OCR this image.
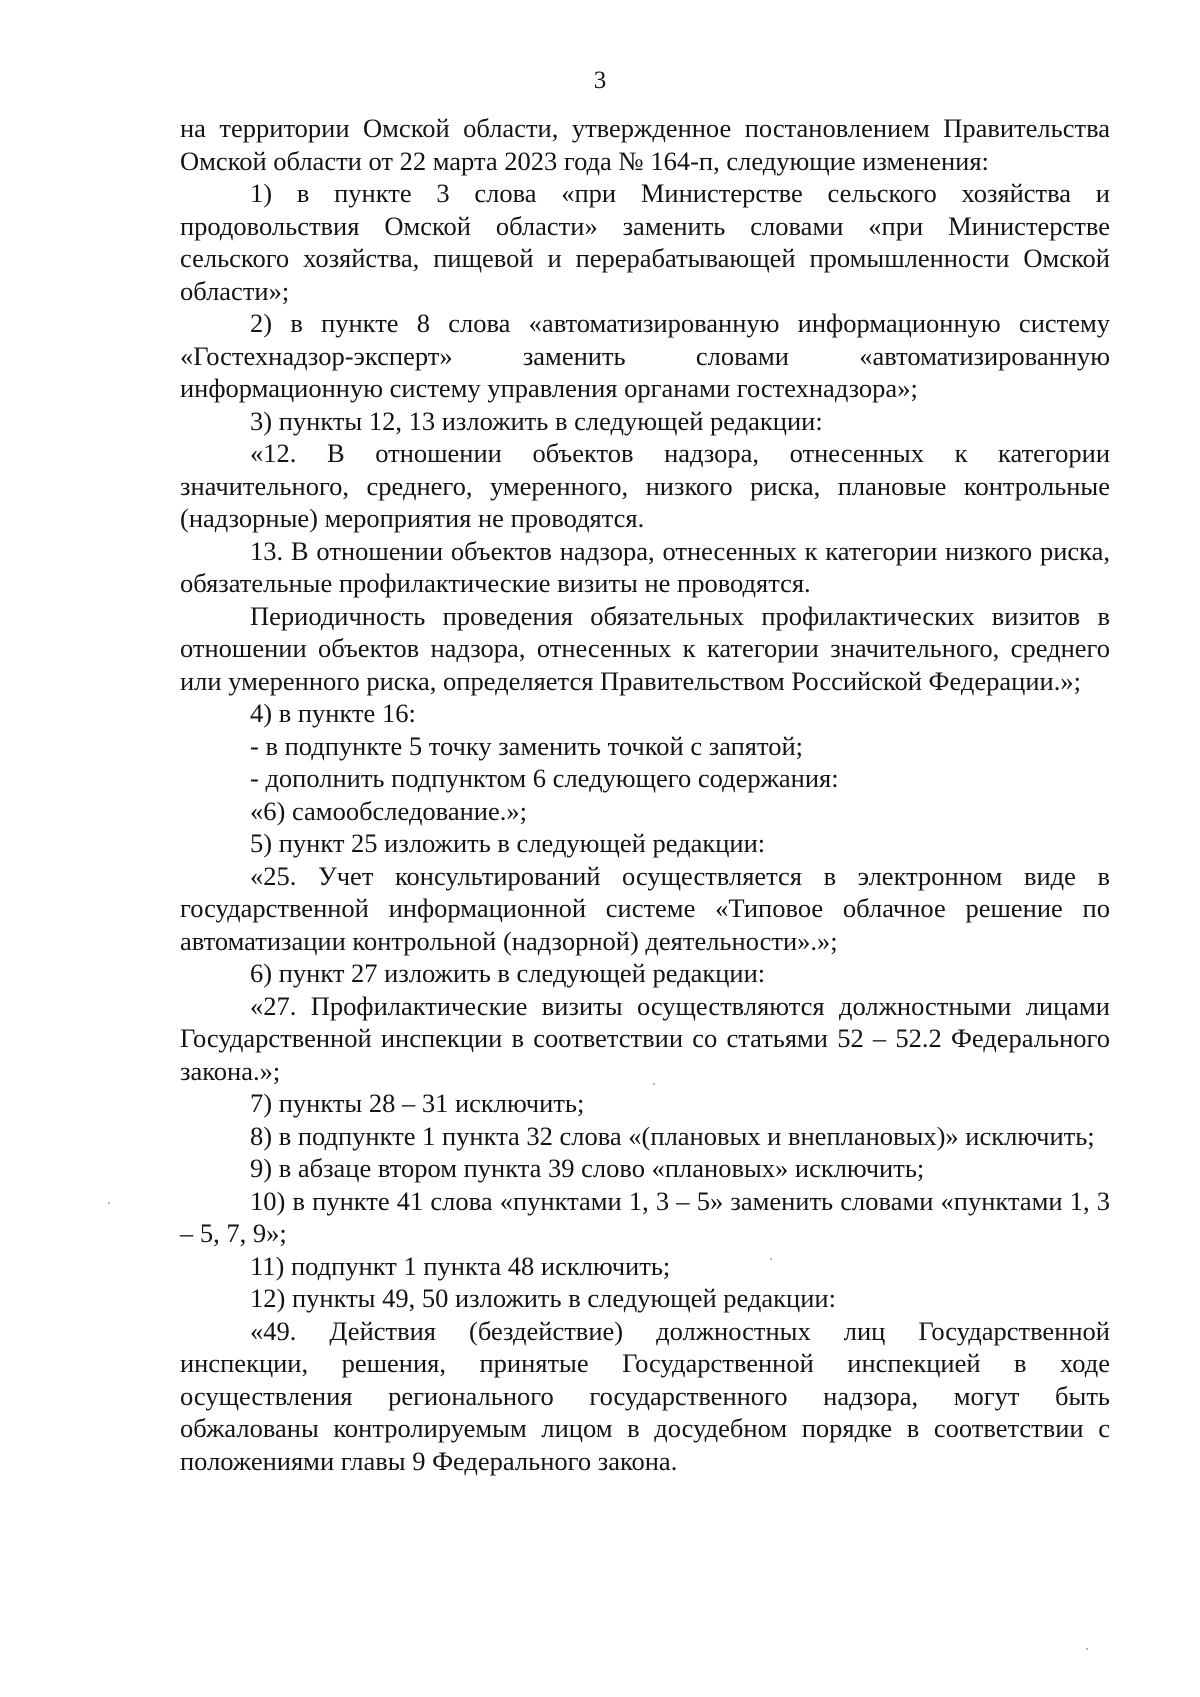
3

на территории Омской области, утвержденное постановлением Правительства Омской области от 22 марта 2023 года № 164-п, следующие изменения:

1) в пункте 3 слова «при Министерстве сельского хозяйства и продовольствия Омской области» заменить словами «при Министерстве сельского хозяйства, пищевой и перерабатывающей промышленности Омской области»;

2) в пункте 8 слова «автоматизированную информационную систему «Гостехнадзор-эксперт» заменить словами «автоматизированную информационную систему управления органами гостехнадзора»;

3) пункты 12, 13 изложить в следующей редакции:

«12. В отношении объектов надзора, отнесенных к категории значительного, среднего, умеренного, низкого риска, плановые контрольные (надзорные) мероприятия не проводятся.

13. В отношении объектов надзора, отнесенных к категории низкого риска, обязательные профилактические визиты не проводятся.

Периодичность проведения обязательных профилактических визитов в отношении объектов надзора, отнесенных к категории значительного, среднего или умеренного риска, определяется Правительством Российской Федерации.»;

4) в пункте 16:

- в подпункте 5 точку заменить точкой с запятой;

- дополнить подпунктом 6 следующего содержания:

«6) самообследование.»;

5) пункт 25 изложить в следующей редакции:

«25. Учет консультирований осуществляется в электронном виде в государственной информационной системе «Типовое облачное решение по автоматизации контрольной (надзорной) деятельности».»;

6) пункт 27 изложить в следующей редакции:

«27. Профилактические визиты осуществляются должностными лицами Государственной инспекции в соответствии со статьями 52 – 52.2 Федерального закона.»;

7) пункты 28 – 31 исключить;

8) в подпункте 1 пункта 32 слова «(плановых и внеплановых)» исключить;

9) в абзаце втором пункта 39 слово «плановых» исключить;

10) в пункте 41 слова «пунктами 1, 3 – 5» заменить словами «пунктами 1, 3 – 5, 7, 9»;

11) подпункт 1 пункта 48 исключить;

12) пункты 49, 50 изложить в следующей редакции:

«49. Действия (бездействие) должностных лиц Государственной инспекции, решения, принятые Государственной инспекцией в ходе осуществления регионального государственного надзора, могут быть обжалованы контролируемым лицом в досудебном порядке в соответствии с положениями главы 9 Федерального закона.
